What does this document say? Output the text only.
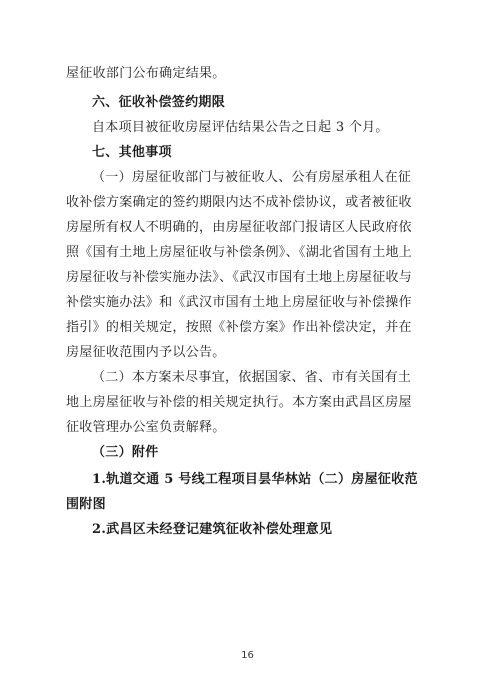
屋征收部门公布确定结果。
六、征收补偿签约期限
自本项目被征收房屋评估结果公告之日起 3 个月。
七、其他事项
（一）房屋征收部门与被征收人、公有房屋承租人在征
收补偿方案确定的签约期限内达不成补偿协议，或者被征收
房屋所有权人不明确的，由房屋征收部门报请区人民政府依
照《国有土地上房屋征收与补偿条例》、《湖北省国有土地上
房屋征收与补偿实施办法》、《武汉市国有土地上房屋征收与
补偿实施办法》和《武汉市国有土地上房屋征收与补偿操作
指引》的相关规定，按照《补偿方案》作出补偿决定，并在
房屋征收范围内予以公告。
（二）本方案未尽事宜，依据国家、省、市有关国有土
地上房屋征收与补偿的相关规定执行。本方案由武昌区房屋
征收管理办公室负责解释。
（三）附件
1.轨道交通 5 号线工程项目昙华林站（二）房屋征收范
围附图
2.武昌区未经登记建筑征收补偿处理意见
16
